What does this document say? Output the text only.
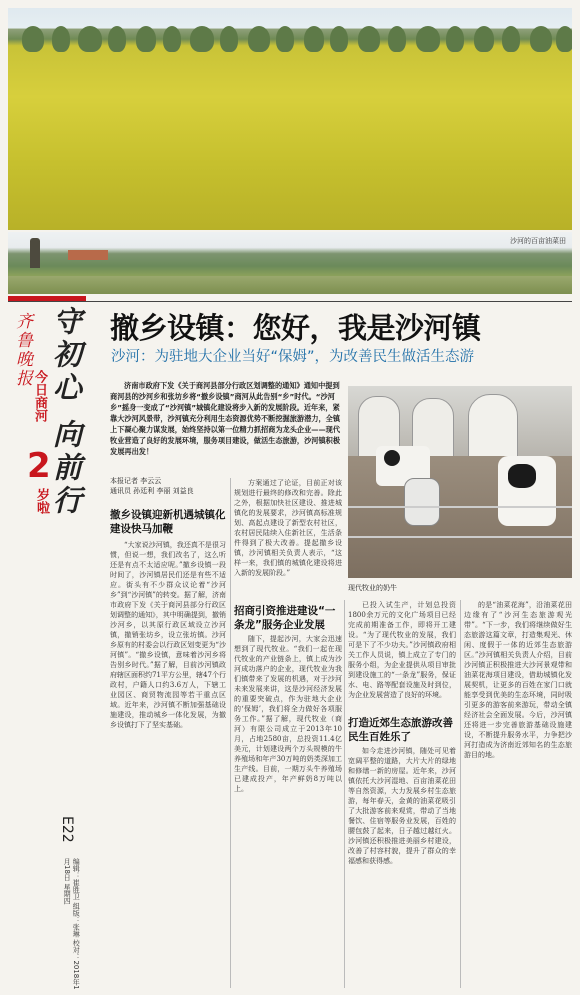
沙河的百亩油菜田
齐鲁晚报
今日商河
2
岁啦 守初心 向前行
E22
编辑：崔胜卫 组版：张琳 校对：2018年1月18日 星期四
撤乡设镇：您好，我是沙河镇
沙河：为驻地大企业当好“保姆”，为改善民生做活生态游
济南市政府下发《关于商河县部分行政区划调整的通知》通知中提到商河县的沙河乡和张坊乡将“撤乡设镇”商河从此告别“乡”时代。“沙河乡”摇身一变成了“沙河镇”城镇化建设将步入新的发展阶段。近年来，紧靠大沙河风景带，沙河镇充分利用生态资源优势不断挖掘旅游潜力，全镇上下凝心聚力谋发展，始终坚持以第一位精力抓招商为龙头企业——现代牧业营造了良好的发展环境，服务项目建设，做活生态旅游，沙河镇积极发展再出发！
本报记者 李云云
通讯员 孙廷利 李丽 刘益良
现代牧业的奶牛
撤乡设镇迎新机遇城镇化建设快马加鞭

“大家说沙河镇，我还真不是很习惯，但说一想，我们改名了，这么听还是有点不太适应呢。”撤乡设镇一段时间了，沙河镇居民们还是有些不适应。街头有不少群众议论着“沙河乡”到“沙河镇”的转变。据了解，济南市政府下发《关于商河县部分行政区划调整的通知》，其中明确提到，撤销沙河乡，以其原行政区域设立沙河镇，撤销张坊乡，设立张坊镇。沙河乡原有的村委会以行政区划变更为“沙河镇”。“撤乡设镇，意味着沙河乡将告别乡时代。”据了解，目前沙河镇政府辖区面积约71平方公里，辖47个行政村，户籍人口约3.6万人，下辖工业园区、商贸物流园等若干重点区域。近年来，沙河镇不断加强基础设施建设，推动城乡一体化发展，为撤乡设镇打下了坚实基础。

方案通过了论证，目前正对该规划进行最终的修改和完善。除此之外，根据加快社区建设、推进城镇化的发展要求，沙河镇高标准规划、高起点建设了新型农村社区，农村居民陆续入住新社区，生活条件得到了极大改善。提起撤乡设镇，沙河镇相关负责人表示，“这样一来，我们镇的城镇化建设将进入新的发展阶段。”

招商引资推进建设“一条龙”服务企业发展

随下，提起沙河，大家会迅速想到了现代牧业。“我们一起在现代牧业的产业链条上，镇上成为沙河成功落户的企业，现代牧业为我们镇带来了发展的机遇，对于沙河未来发展来讲，这是沙河经济发展的重要突破点，作为驻地大企业的‘保姆’，我们将全力做好各项服务工作。”据了解，现代牧业（商河）有限公司成立于2013年10月，占地2580亩，总投资11.4亿美元，计划建设两个万头规模的牛养殖场和年产30万吨的奶类深加工生产线。目前，一期万头牛养殖场已建成投产，年产鲜奶8万吨以上。

已投入试生产，计划总投资1800余万元的文化广场项目已经完成前期准备工作，即将开工建设。“为了现代牧业的发展，我们可是下了不少功夫。”沙河镇政府相关工作人员说，镇上成立了专门的服务小组，为企业提供从项目审批到建设施工的“一条龙”服务，保证水、电、路等配套设施及时到位，为企业发展营造了良好的环境。

打造近郊生态旅游改善民生百姓乐了

如今走进沙河镇，随处可见着宽阔平整的道路，大片大片的绿地和修缮一新的房屋。近年来，沙河镇依托大沙河湿地、百亩油菜花田等自然资源，大力发展乡村生态旅游，每年春天，金黄的油菜花吸引了大批游客前来观赏，带动了当地餐饮、住宿等服务业发展，百姓的腰包鼓了起来，日子越过越红火。沙河镇还积极推进美丽乡村建设，改善了村容村貌，提升了群众的幸福感和获得感。

的是“油菜花海”，沿油菜花田边缘有了“沙河生态旅游观光带”。“下一步，我们将继续做好生态旅游这篇文章，打造集观光、休闲、度假于一体的近郊生态旅游区。”沙河镇相关负责人介绍，目前沙河镇正积极推进大沙河景观带和油菜花海项目建设，借助城镇化发展契机，让更多的百姓在家门口就能享受到优美的生态环境，同时吸引更多的游客前来游玩，带动全镇经济社会全面发展。今后，沙河镇还将进一步完善旅游基础设施建设，不断提升服务水平，力争把沙河打造成为济南近郊知名的生态旅游目的地。
